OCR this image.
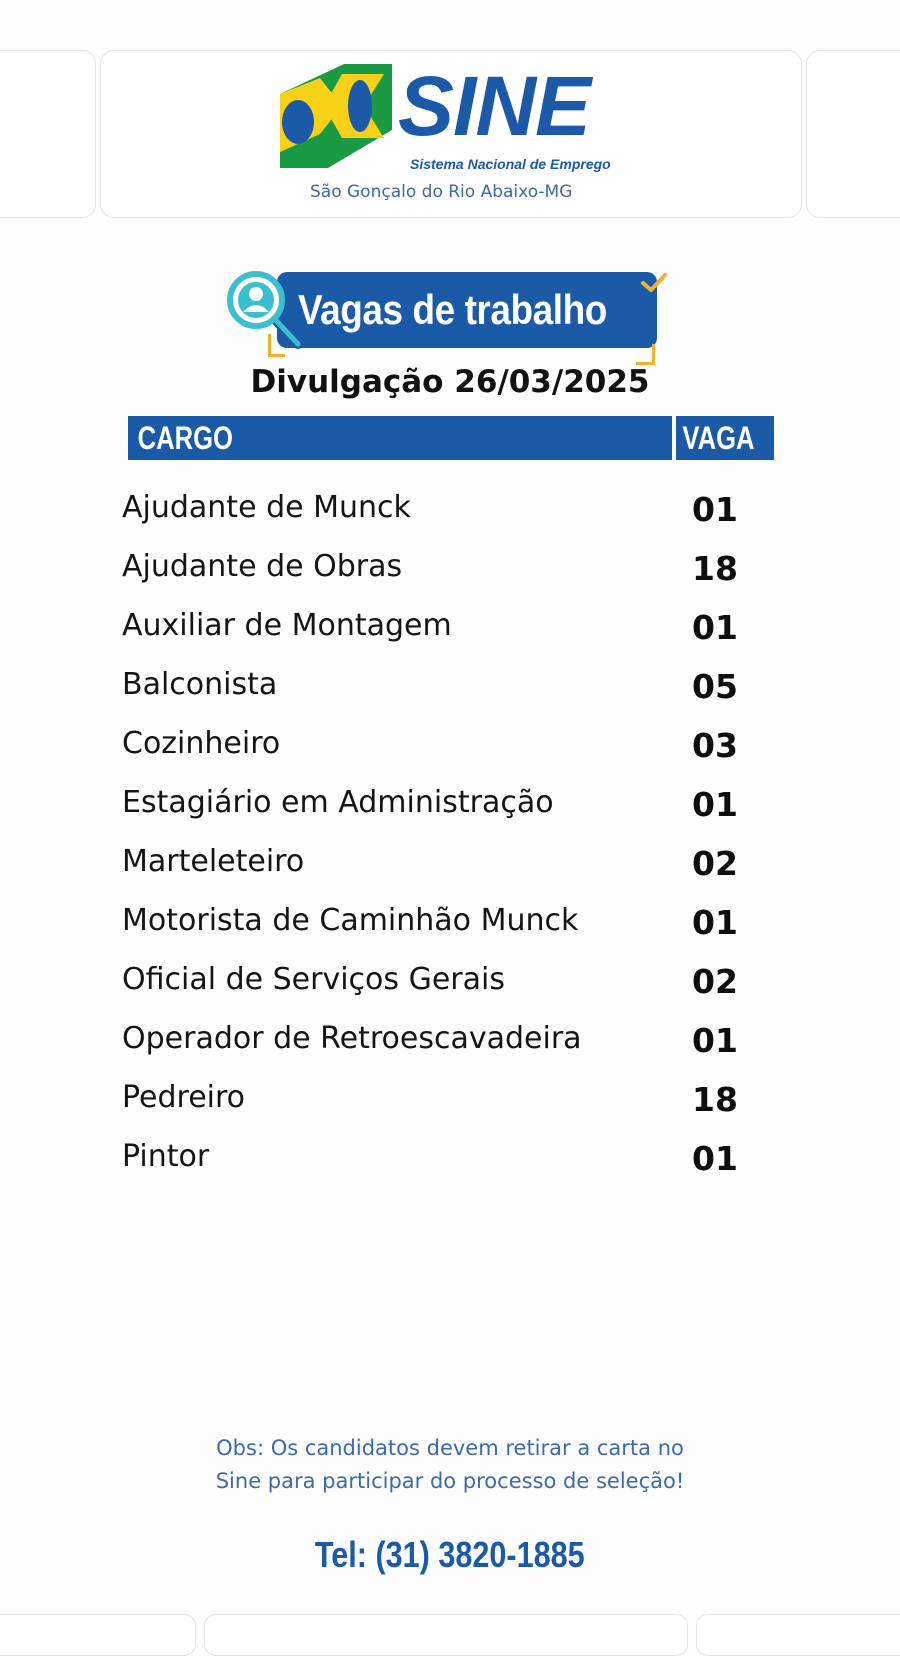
SINE
Sistema Nacional de Emprego
São Gonçalo do Rio Abaixo-MG
Vagas de trabalho
Divulgação 26/03/2025
CARGO	VAGA
Ajudante de Munck	01
Ajudante de Obras	18
Auxiliar de Montagem	01
Balconista	05
Cozinheiro	03
Estagiário em Administração	01
Marteleteiro	02
Motorista de Caminhão Munck	01
Oficial de Serviços Gerais	02
Operador de Retroescavadeira	01
Pedreiro	18
Pintor	01
Obs: Os candidatos devem retirar a carta no
Sine para participar do processo de seleção!
Tel: (31) 3820-1885
